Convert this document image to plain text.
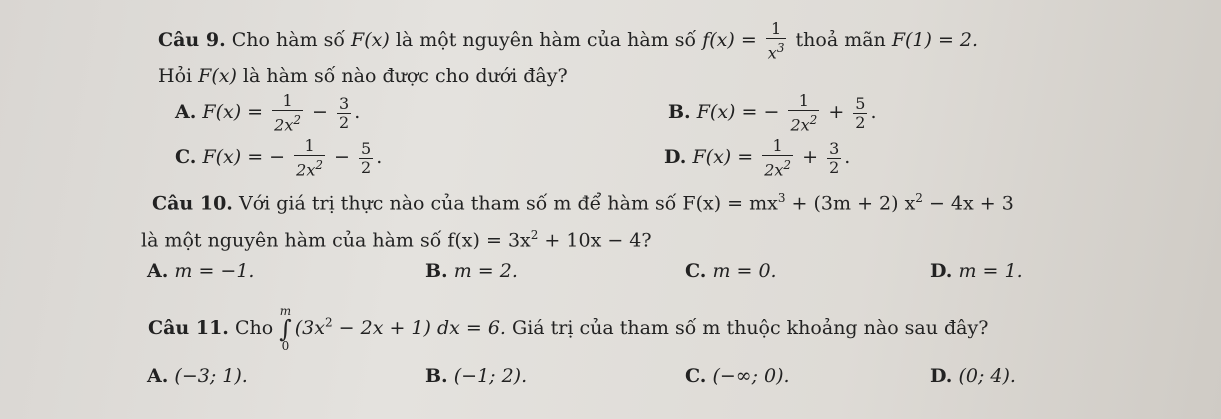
Câu 9. Cho hàm số F(x) là một nguyên hàm của hàm số $f(x) = \frac{1}{x^3}$ thoả mãn F(1) = 2.
Hỏi F(x) là hàm số nào được cho dưới đây?
A. $F(x) = \frac{1}{2x^2} - \frac{3}{2}$ .	B. F(x) = − $\frac{1}{2x^2} + \frac{5}{2}$ .
C. F(x) = − $\frac{1}{2x^2} - \frac{5}{2}$ .	D. $F(x) = \frac{1}{2x^2} + \frac{3}{2}$ .
Câu 10. Với giá trị thực nào của tham số m để hàm số $F(x) = mx^3 + (3m + 2) x^2 - 4x + 3$
là một nguyên hàm của hàm số $f(x) = 3x^2 + 10x - 4$?
A. m = −1.	B. m = 2.	C. m = 0.	D. m = 1.
Câu 11. Cho
m
∫
0
$(3x^2 - 2x + 1)$ dx = 6. Giá trị của tham số m thuộc khoảng nào sau đây?
A. (−3; 1).	B. (−1; 2).	C. (−∞; 0).	D. (0; 4).
